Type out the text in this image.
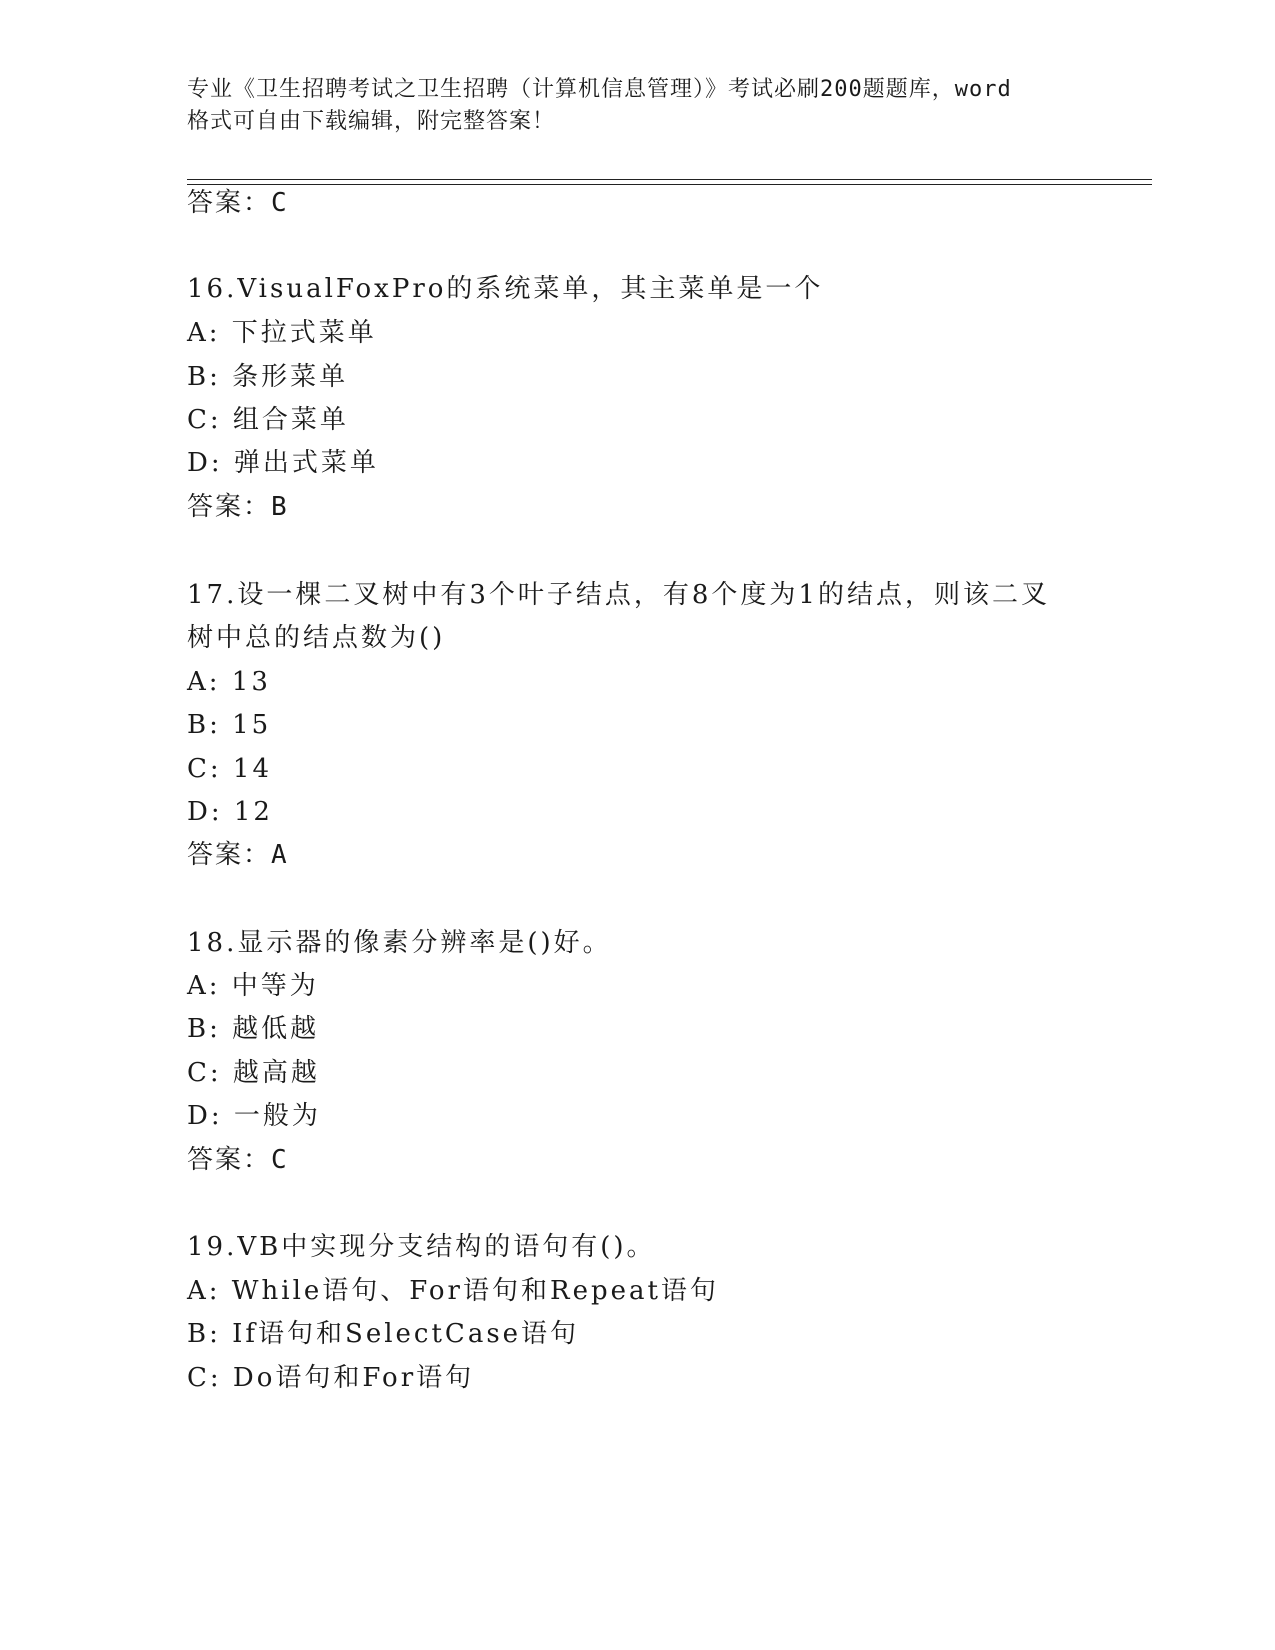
专业《卫生招聘考试之卫生招聘（计算机信息管理）》考试必刷200题题库，word
格式可自由下载编辑，附完整答案！
答案：C
16.VisualFoxPro的系统菜单，其主菜单是一个
A: 下拉式菜单
B: 条形菜单
C: 组合菜单
D: 弹出式菜单
答案：B
17.设一棵二叉树中有3个叶子结点，有8个度为1的结点，则该二叉
树中总的结点数为()
A: 13
B: 15
C: 14
D: 12
答案：A
18.显示器的像素分辨率是()好。
A: 中等为
B: 越低越
C: 越高越
D: 一般为
答案：C
19.VB中实现分支结构的语句有()。
A: While语句、For语句和Repeat语句
B: If语句和SelectCase语句
C: Do语句和For语句
